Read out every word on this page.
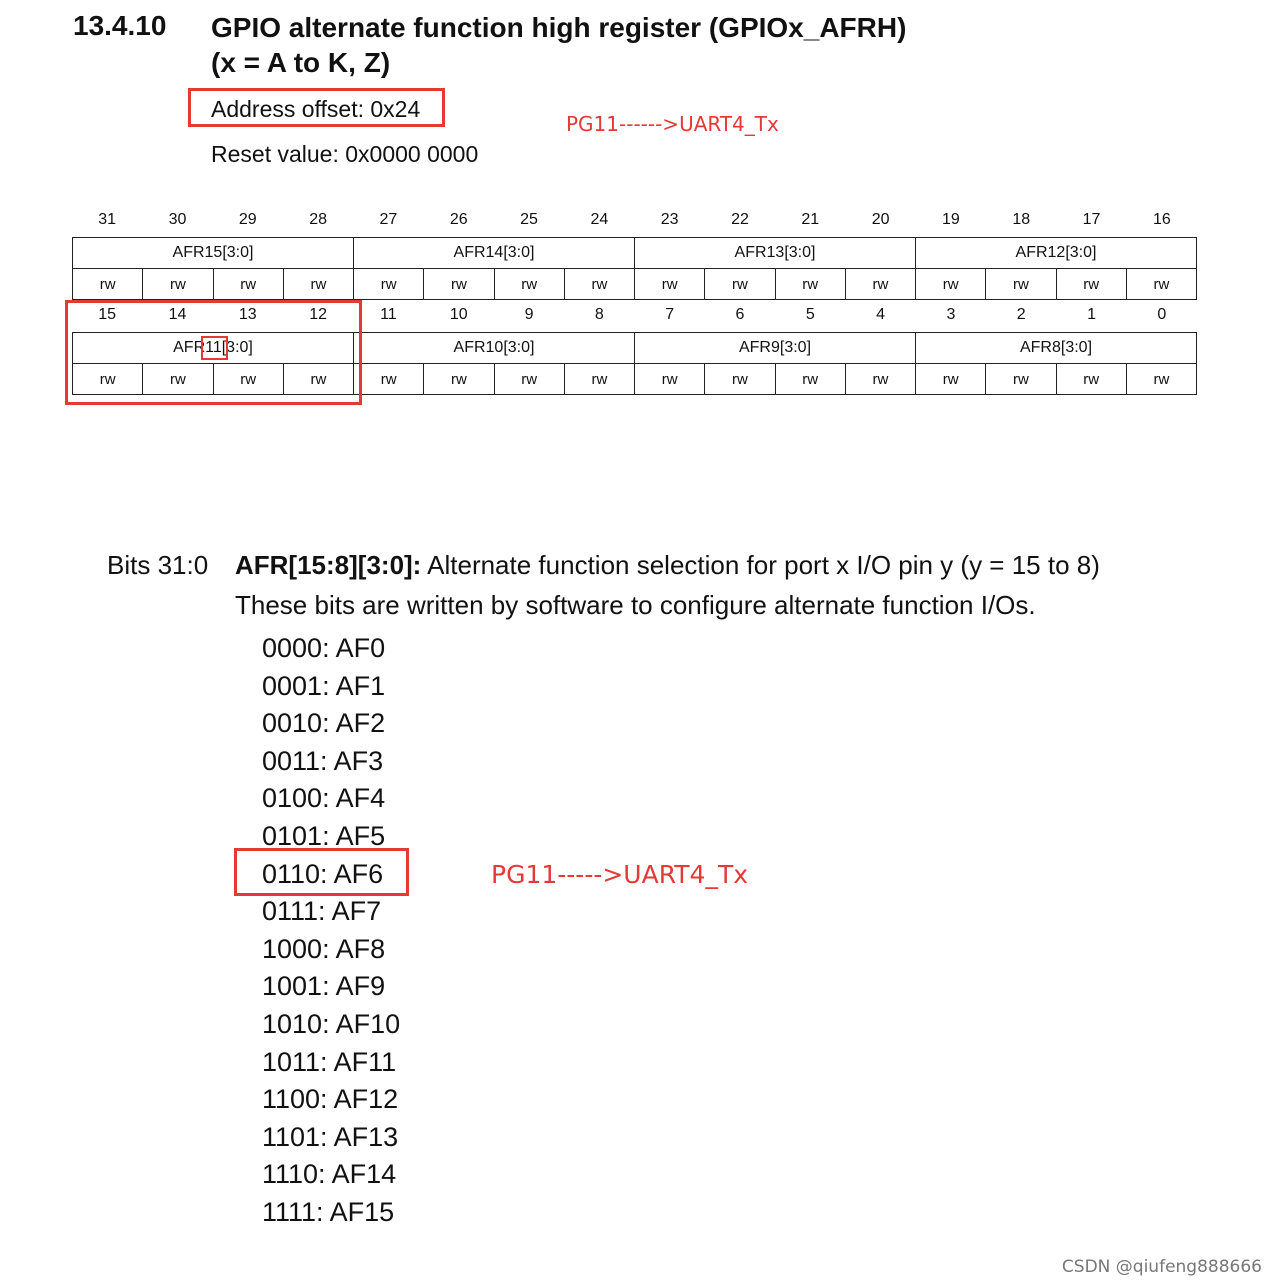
13.4.10 GPIO alternate function high register (GPIOx_AFRH)
(x = A to K, Z)
Address offset: 0x24
Reset value: 0x0000 0000
PG11------>UART4_Tx
31	30	29	28	27	26	25	24	23	22	21	20	19	18	17	16
AFR15[3:0]				AFR14[3:0]				AFR13[3:0]				AFR12[3:0]			
rw	rw	rw	rw	rw	rw	rw	rw	rw	rw	rw	rw	rw	rw	rw	rw
15	14	13	12	11	10	9	8	7	6	5	4	3	2	1	0
AFR11[3:0]				AFR10[3:0]				AFR9[3:0]				AFR8[3:0]			
rw	rw	rw	rw	rw	rw	rw	rw	rw	rw	rw	rw	rw	rw	rw	rw
Bits 31:0 AFR[15:8][3:0]: Alternate function selection for port x I/O pin y (y = 15 to 8)
These bits are written by software to configure alternate function I/Os.
0000: AF0
0001: AF1
0010: AF2
0011: AF3
0100: AF4
0101: AF5
0110: AF6
0111: AF7
1000: AF8
1001: AF9
1010: AF10
1011: AF11
1100: AF12
1101: AF13
1110: AF14
1111: AF15
PG11----->UART4_Tx
CSDN @qiufeng888666
